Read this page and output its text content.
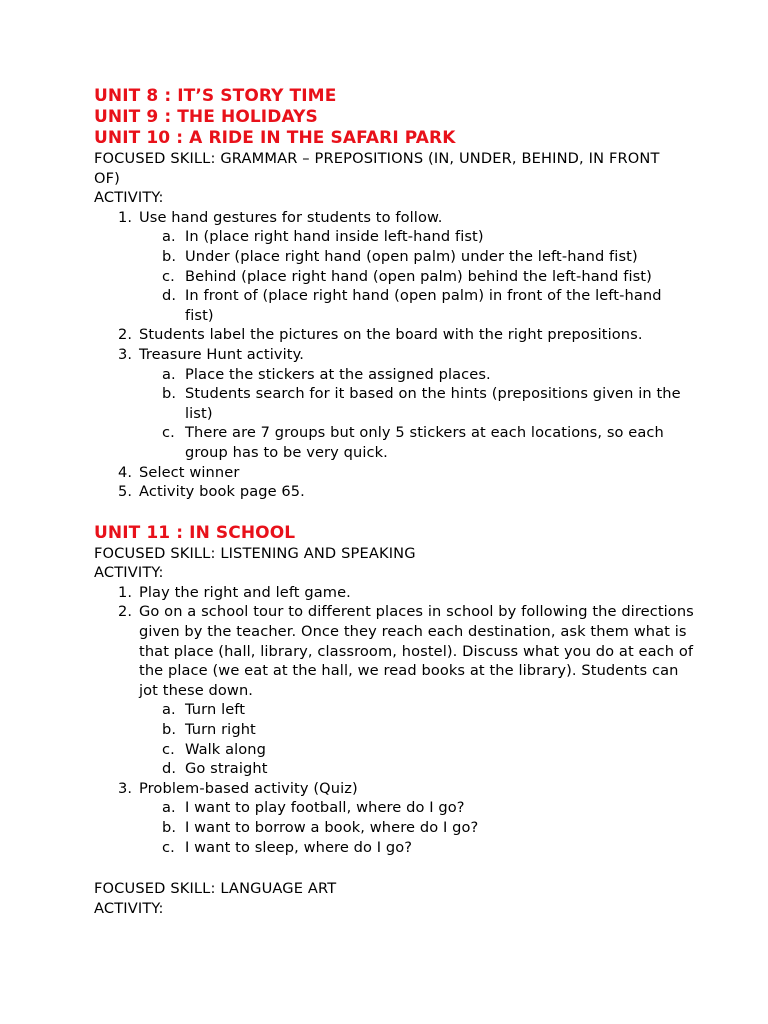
UNIT 8 : IT’S STORY TIME
UNIT 9 : THE HOLIDAYS
UNIT 10 : A RIDE IN THE SAFARI PARK
FOCUSED SKILL: GRAMMAR – PREPOSITIONS (IN, UNDER, BEHIND, IN FRONT OF)
ACTIVITY:
1. Use hand gestures for students to follow.
a. In (place right hand inside left-hand fist)
b. Under (place right hand (open palm) under the left-hand fist)
c. Behind (place right hand (open palm) behind the left-hand fist)
d. In front of (place right hand (open palm) in front of the left-hand fist)
2. Students label the pictures on the board with the right prepositions.
3. Treasure Hunt activity.
a. Place the stickers at the assigned places.
b. Students search for it based on the hints (prepositions given in the list)
c. There are 7 groups but only 5 stickers at each locations, so each group has to be very quick.
4. Select winner
5. Activity book page 65.
UNIT 11 : IN SCHOOL
FOCUSED SKILL: LISTENING AND SPEAKING
ACTIVITY:
1. Play the right and left game.
2. Go on a school tour to different places in school by following the directions given by the teacher. Once they reach each destination, ask them what is that place (hall, library, classroom, hostel). Discuss what you do at each of the place (we eat at the hall, we read books at the library). Students can jot these down.
a. Turn left
b. Turn right
c. Walk along
d. Go straight
3. Problem-based activity (Quiz)
a. I want to play football, where do I go?
b. I want to borrow a book, where do I go?
c. I want to sleep, where do I go?
FOCUSED SKILL: LANGUAGE ART
ACTIVITY:
